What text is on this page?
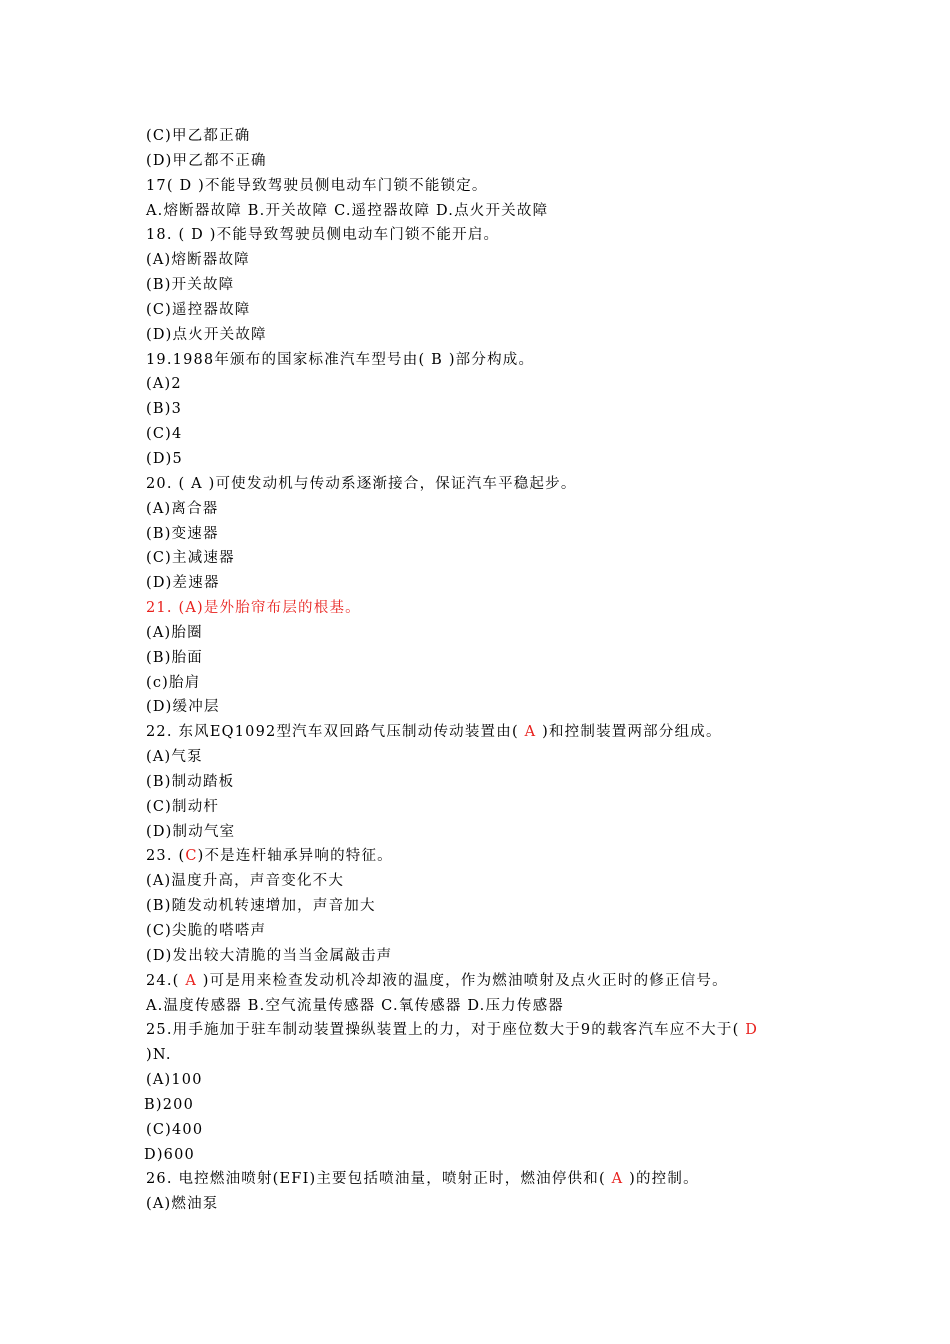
(C)甲乙都正确
(D)甲乙都不正确
17( D )不能导致驾驶员侧电动车门锁不能锁定。
A.熔断器故障 B.开关故障 C.遥控器故障 D.点火开关故障
18. ( D )不能导致驾驶员侧电动车门锁不能开启。
(A)熔断器故障
(B)开关故障
(C)遥控器故障
(D)点火开关故障
19.1988年颁布的国家标准汽车型号由( B )部分构成。
(A)2
(B)3
(C)4
(D)5
20. ( A )可使发动机与传动系逐渐接合，保证汽车平稳起步。
(A)离合器
(B)变速器
(C)主减速器
(D)差速器
21. (A)是外胎帘布层的根基。
(A)胎圈
(B)胎面
(c)胎肩
(D)缓冲层
22. 东风EQ1092型汽车双回路气压制动传动装置由( A )和控制装置两部分组成。
(A)气泵
(B)制动踏板
(C)制动杆
(D)制动气室
23. (C)不是连杆轴承异响的特征。
(A)温度升高，声音变化不大
(B)随发动机转速增加，声音加大
(C)尖脆的嗒嗒声
(D)发出较大清脆的当当金属敲击声
24.( A )可是用来检查发动机冷却液的温度，作为燃油喷射及点火正时的修正信号。
A.温度传感器 B.空气流量传感器 C.氧传感器 D.压力传感器
25.用手施加于驻车制动装置操纵装置上的力，对于座位数大于9的载客汽车应不大于( D
)N.
(A)100
B)200
(C)400
D)600
26. 电控燃油喷射(EFI)主要包括喷油量，喷射正时，燃油停供和( A )的控制。
(A)燃油泵
